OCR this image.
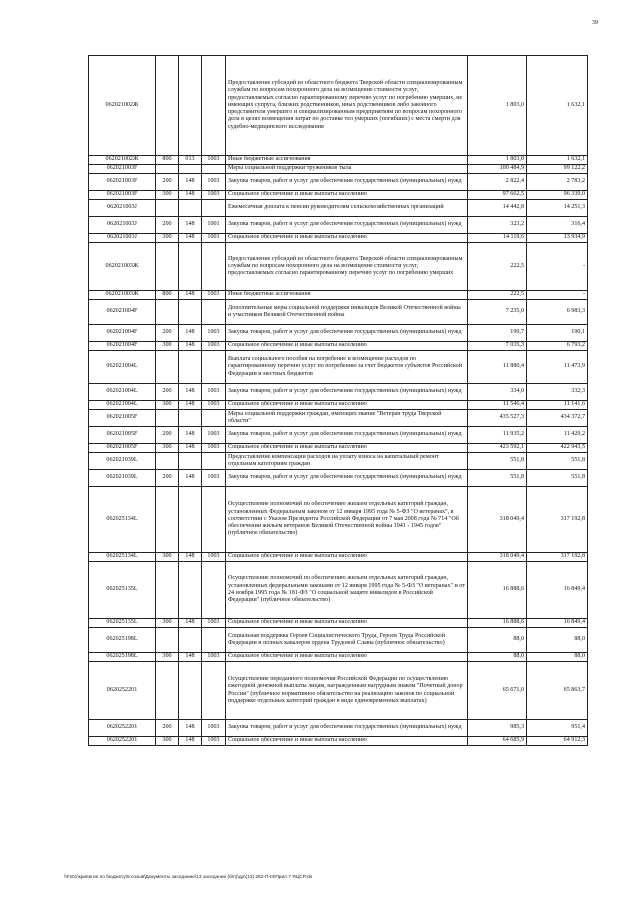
39
062021002Ж				Предоставление субсидий из областного бюджета Тверской области специализированным службам по вопросам похоронного дела на возмещение стоимости услуг, предоставляемых согласно гарантированному перечню услуг по погребению умерших, не имеющих супруга, близких родственников, иных родственников либо законного представителя умершего и специализированным предприятиям по вопросам похоронного дела в целях возмещения затрат по доставке тел умерших (погибших) с места смерти для судебно-медицинского исследования	1 803,0	1 632,1
062021002Ж	800	013	1003	Иные бюджетные ассигнования	1 803,0	1 632,1
062021003F				Меры социальной поддержки тружеников тыла	100 484,9	99 122,2
062021003F	200	148	1003	Закупка товаров, работ и услуг для обеспечения государственных (муниципальных) нужд	2 822,4	2 783,2
062021003F	300	148	1003	Социальное обеспечение и иные выплаты населению	97 662,5	96 339,0
062021003J				Ежемесячная доплата к пенсии руководителям сельскохозяйственных организаций	14 442,8	14 251,3
062021003J	200	148	1001	Закупка товаров, работ и услуг для обеспечения государственных (муниципальных) нужд	323,2	316,4
062021003J	300	148	1001	Социальное обеспечение и иные выплаты населению	14 119,6	13 934,9
062021003Ж				Предоставление субсидий из областного бюджета Тверской области специализированным службам по вопросам похоронного дела на возмещение стоимости услуг, предоставляемых согласно гарантированному перечню услуг по погребению умерших	222,5	-
062021003Ж	800	148	1003	Иные бюджетные ассигнования	222,5	-
062021004F				Дополнительные меры социальной поддержки инвалидов Великой Отечественной войны и участников Великой Отечественной войны	7 235,0	6 983,3
062021004F	200	148	1003	Закупка товаров, работ и услуг для обеспечения государственных (муниципальных) нужд	199,7	190,1
062021004F	300	148	1003	Социальное обеспечение и иные выплаты населению	7 035,3	6 793,2
062021004L				Выплата социального пособия на погребение и возмещение расходов по гарантированному перечню услуг по погребению за счет бюджетов субъектов Российской Федерации и местных бюджетов	11 880,4	11 473,9
062021004L	200	148	1003	Закупка товаров, работ и услуг для обеспечения государственных (муниципальных) нужд	334,0	332,3
062021004L	300	148	1003	Социальное обеспечение и иные выплаты населению	11 546,4	11 141,6
062021005F				Меры социальной поддержки граждан, имеющих звание "Ветеран труда Тверской области"	435 527,3	434 372,7
062021005F	200	148	1003	Закупка товаров, работ и услуг для обеспечения государственных (муниципальных) нужд	11 935,2	11 429,2
062021005F	300	148	1003	Социальное обеспечение и иные выплаты населению	423 592,1	422 943,5
062021039L				Предоставление компенсации расходов на уплату взноса на капитальный ремонт отдельным категориям граждан	551,8	551,8
062021039L	200	148	1003	Закупка товаров, работ и услуг для обеспечения государственных (муниципальных) нужд	551,8	551,8
062025134L				Осуществление полномочий по обеспечению жильем отдельных категорий граждан, установленных Федеральным законом от 12 января 1995 года № 5-ФЗ "О ветеранах", в соответствии с Указом Президента Российской Федерации от 7 мая 2008 года № 714 "Об обеспечении жильем ветеранов Великой Отечественной войны 1941 - 1945 годов" (публичное обязательство)	318 049,4	317 192,8
062025134L	300	148	1003	Социальное обеспечение и иные выплаты населению	318 049,4	317 192,8
062025135L				Осуществление полномочий по обеспечению жильем отдельных категорий граждан, установленных федеральными законами от 12 января 1995 года № 5-ФЗ "О ветеранах" и от 24 ноября 1995 года № 181-ФЗ "О социальной защите инвалидов в Российской Федерации" (публичное обязательство)	16 888,6	16 849,4
062025135L	300	148	1003	Социальное обеспечение и иные выплаты населению	16 888,6	16 849,4
062025198L				Социальная поддержка Героев Социалистического Труда, Героев Труда Российской Федерации и полных кавалеров ордена Трудовой Славы (публичное обязательство)	88,0	88,0
062025198L	300	148	1003	Социальное обеспечение и иные выплаты населению	88,0	88,0
0620252201				Осуществление переданного полномочия Российской Федерации по осуществлению ежегодной денежной выплаты лицам, награжденным нагрудным знаком "Почетный донор России" (публичное нормативное обязательство на реализацию законов по социальной поддержке отдельных категорий граждан в виде единовременных выплатах)	65 671,0	65 863,7
0620252201	200	148	1003	Закупка товаров, работ и услуг для обеспечения государственных (муниципальных) нужд	985,3	951,4
0620252201	300	148	1003	Социальное обеспечение и иные выплаты населению	64 685,9	64 912,3
\\Fs01\кривягин по бюджету\5 созыв\Документы заседание\13 заседание (б/п)\др\(13) 282-П-III\Прил 7 ЯЦСР.xls
